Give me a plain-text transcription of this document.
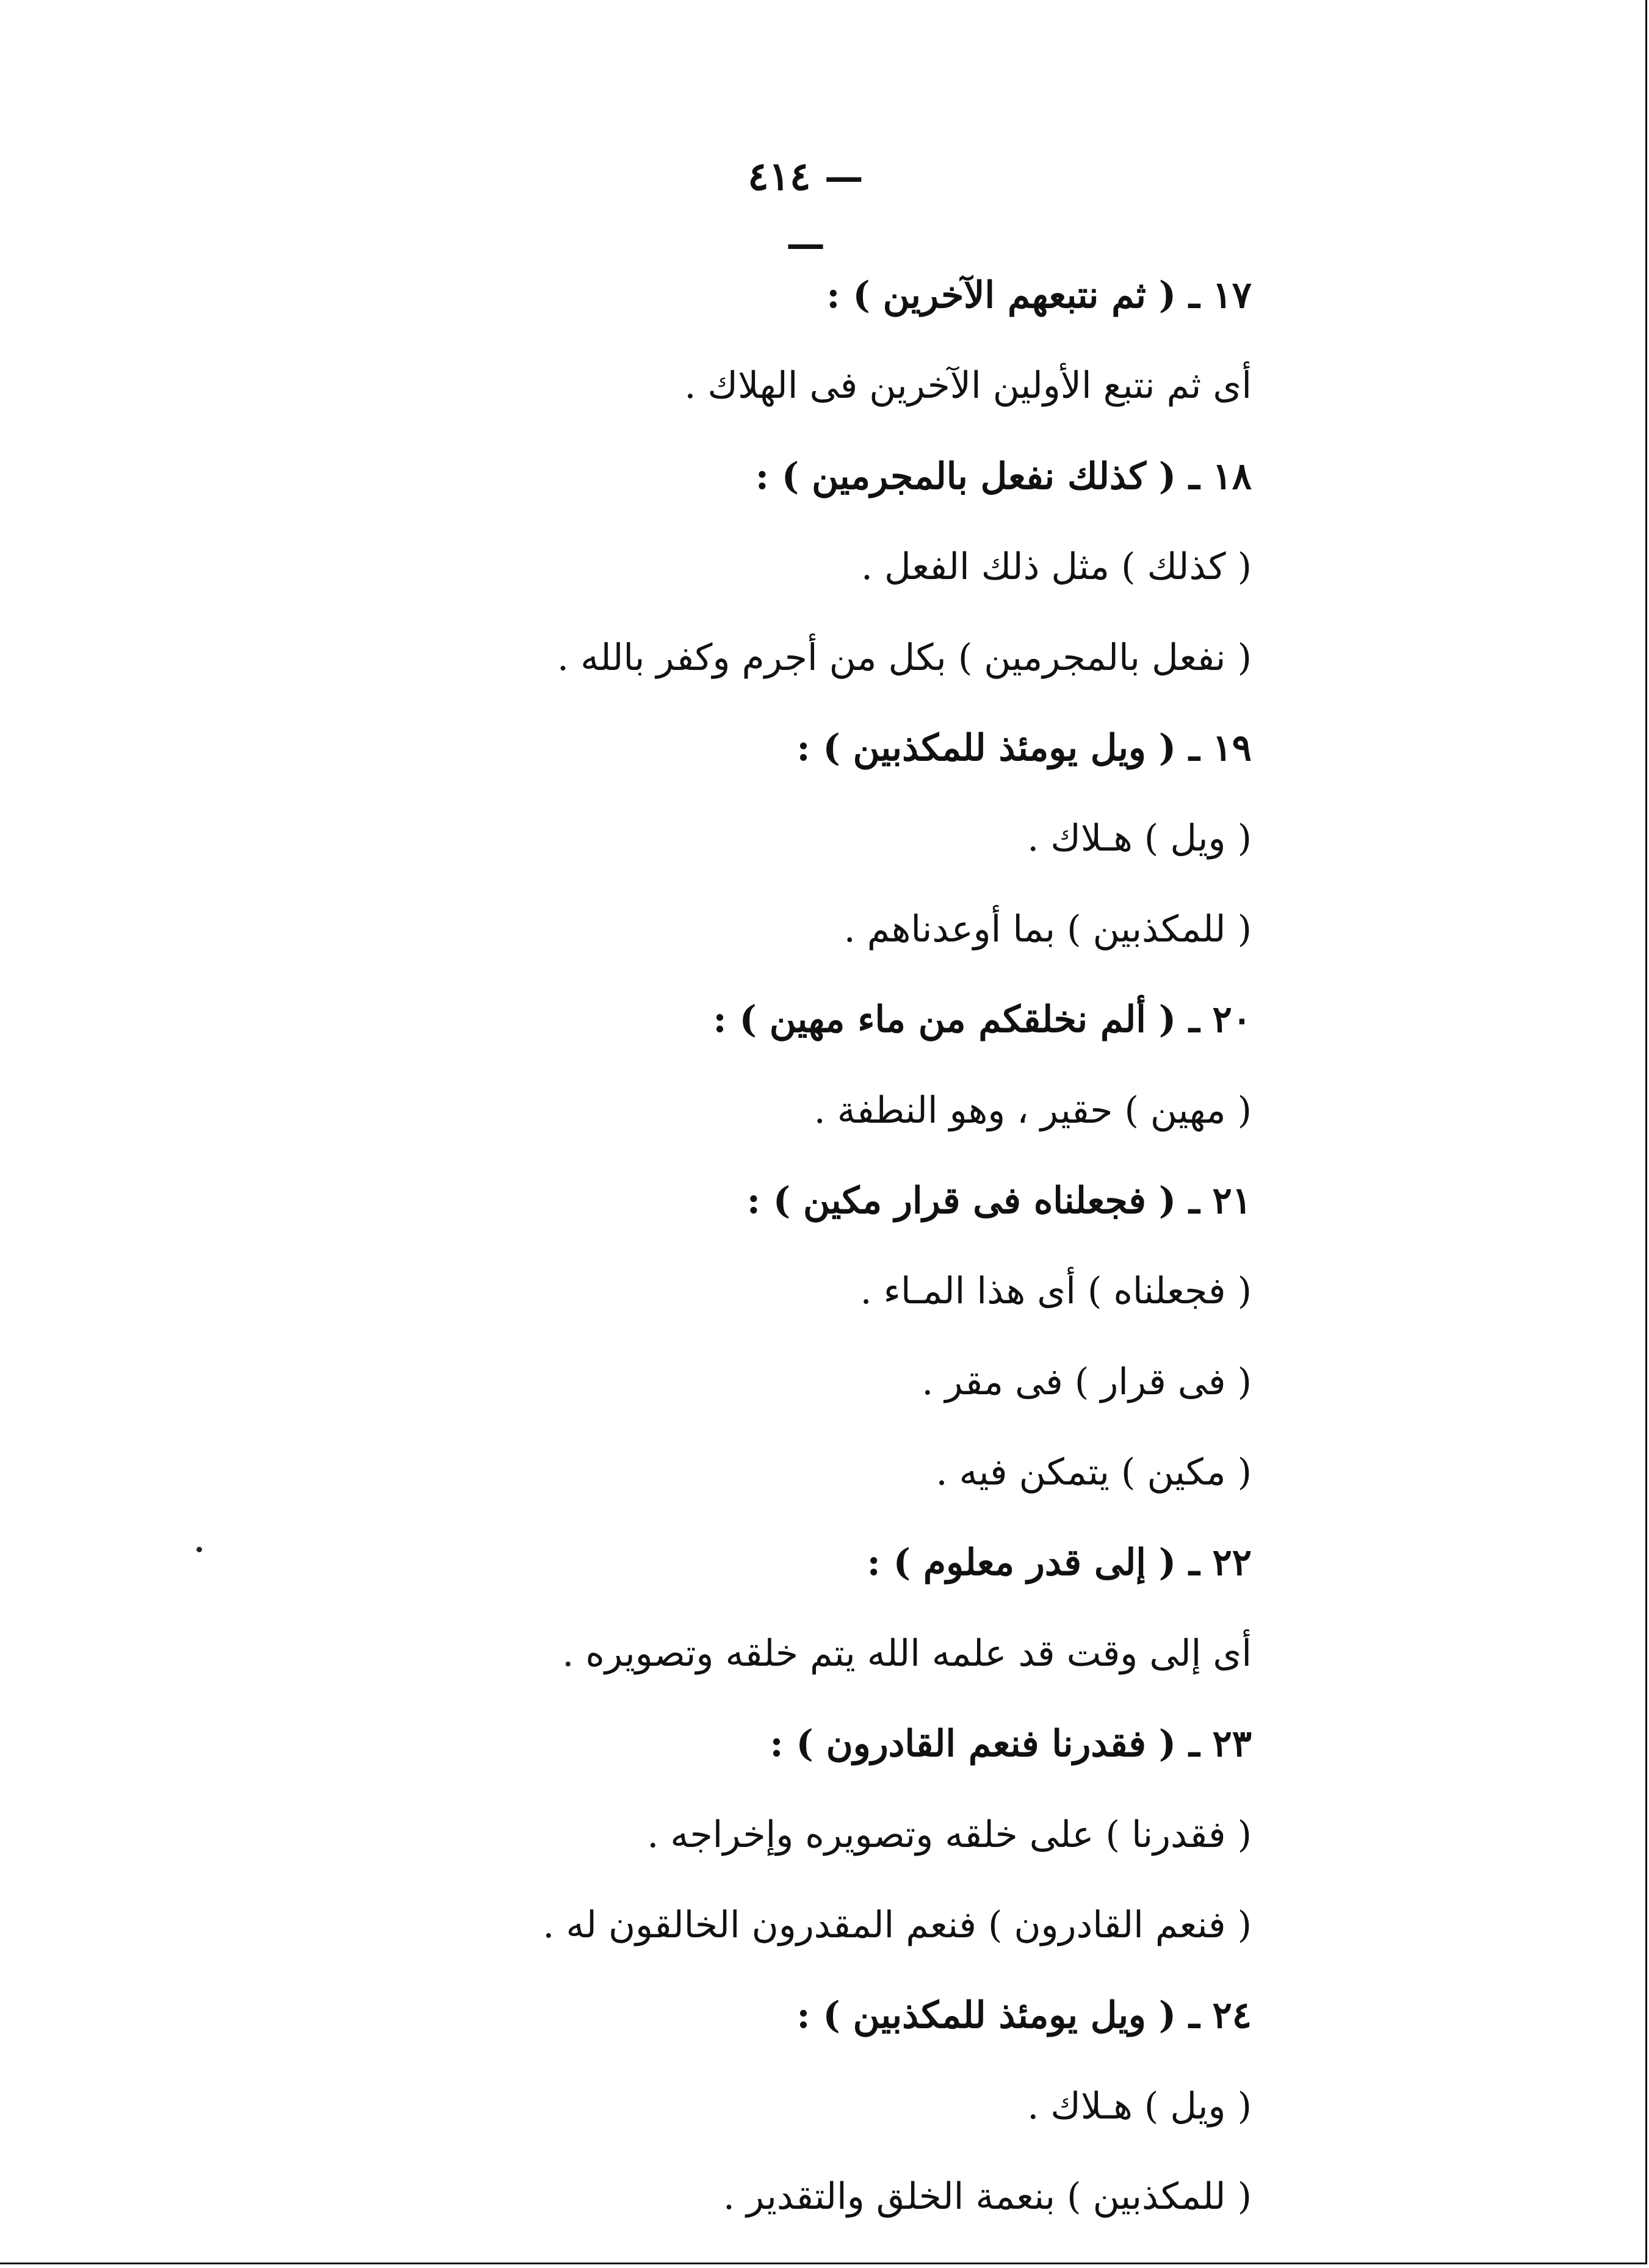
— ٤١٤ —
١٧ ـ ( ثم نتبعهم الآخرين ) :
أى ثم نتبع الأولين الآخرين فى الهلاك .
١٨ ـ ( كذلك نفعل بالمجرمين ) :
( كذلك ) مثل ذلك الفعل .
( نفعل بالمجرمين ) بكل من أجرم وكفر بالله .
١٩ ـ ( ويل يومئذ للمكذبين ) :
( ويل ) هـلاك .
( للمكذبين ) بما أوعدناهم .
٢٠ ـ ( ألم نخلقكم من ماء مهين ) :
( مهين ) حقير ، وهو النطفة .
٢١ ـ ( فجعلناه فى قرار مكين ) :
( فجعلناه ) أى هذا المـاء .
( فى قرار ) فى مقر .
( مكين ) يتمكن فيه .
٢٢ ـ ( إلى قدر معلوم ) :
أى إلى وقت قد علمه الله يتم خلقه وتصويره .
٢٣ ـ ( فقدرنا فنعم القادرون ) :
( فقدرنا ) على خلقه وتصويره وإخراجه .
( فنعم القادرون ) فنعم المقدرون الخالقون له .
٢٤ ـ ( ويل يومئذ للمكذبين ) :
( ويل ) هـلاك .
( للمكذبين ) بنعمة الخلق والتقدير .
